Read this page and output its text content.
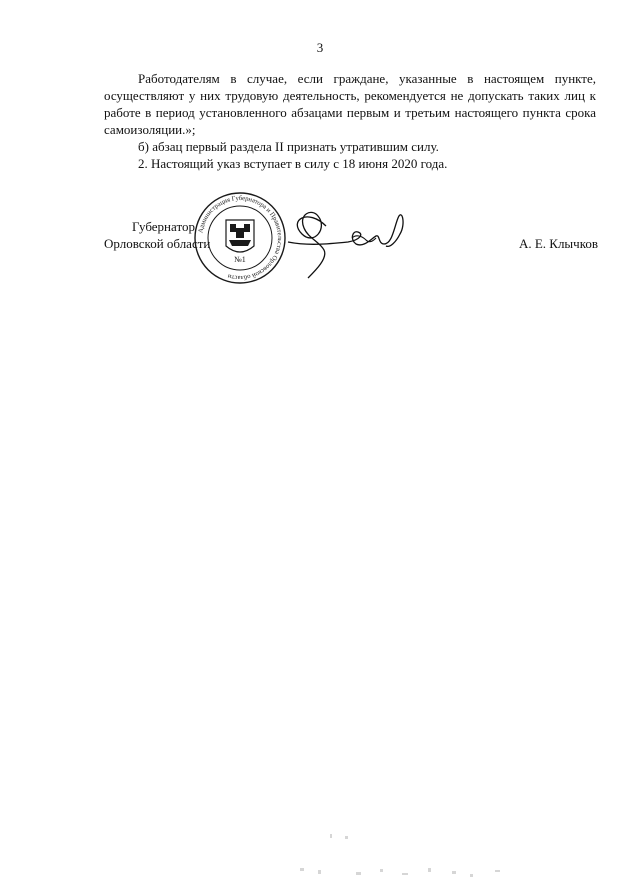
3

Работодателям в случае, если граждане, указанные в настоящем пункте, осуществляют у них трудовую деятельность, рекомендуется не допускать таких лиц к работе в период установленного абзацами первым и третьим настоящего пункта срока самоизоляции.»;

б) абзац первый раздела II признать утратившим силу.

2. Настоящий указ вступает в силу с 18 июня 2020 года.

Губернатор
Орловской области	А. Е. Клычков
Администрация Губернатора и Правительства Орловской области
№1
